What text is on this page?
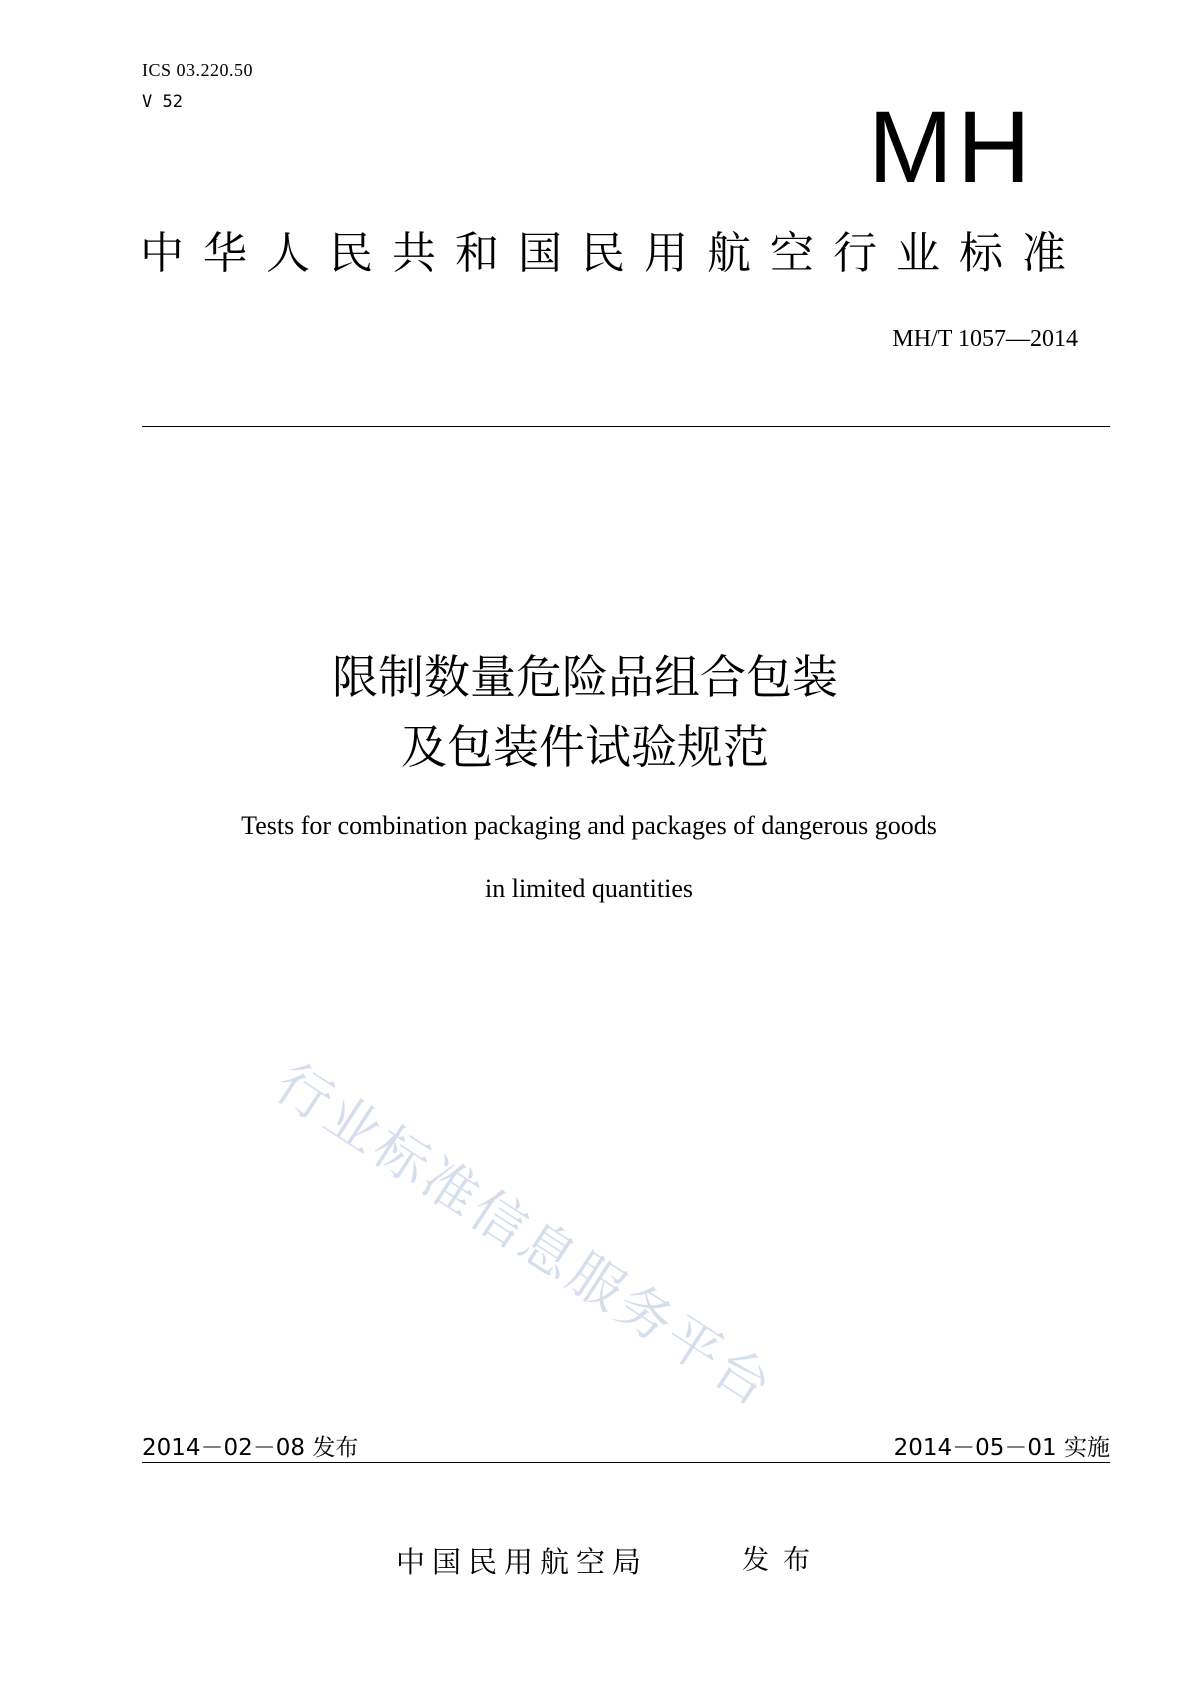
ICS 03.220.50
V 52	MH
中华人民共和国民用航空行业标准
MH/T 1057—2014
限制数量危险品组合包装
及包装件试验规范
Tests for combination packaging and packages of dangerous goods
in limited quantities
行业标准信息服务平台
2014－02－08 发布	2014－05－01 实施
中国民用航空局	发布
